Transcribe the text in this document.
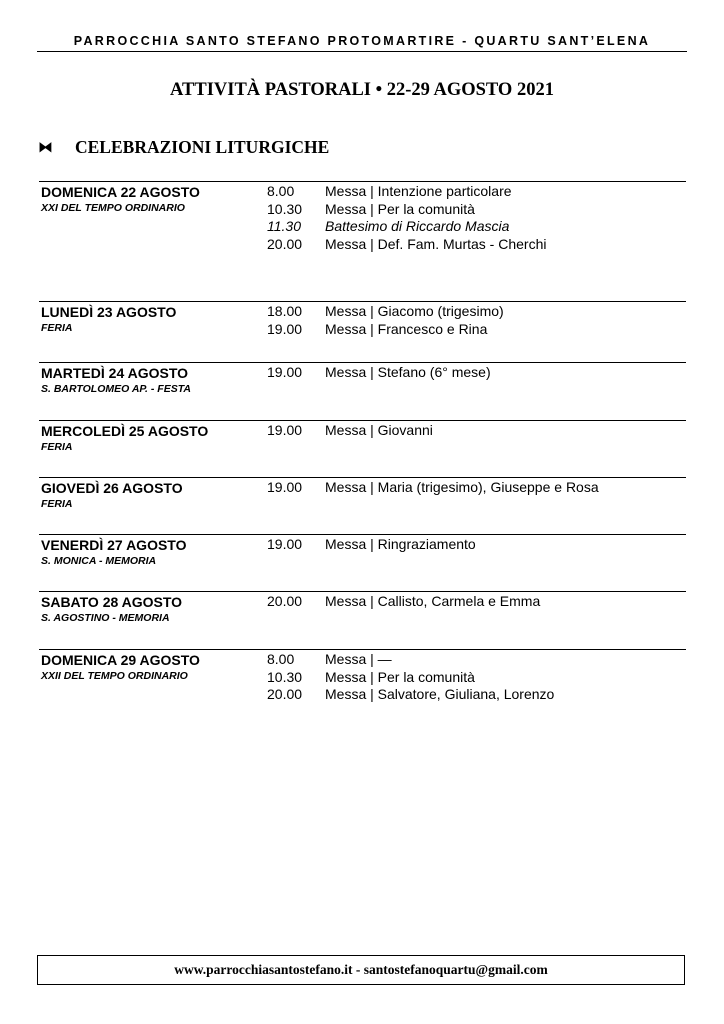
PARROCCHIA SANTO STEFANO PROTOMARTIRE - QUARTU SANT’ELENA
ATTIVITÀ PASTORALI • 22-29 AGOSTO 2021
⧓ CELEBRAZIONI LITURGICHE
DOMENICA 22 AGOSTO
XXI DEL TEMPO ORDINARIO
8.00	Messa | Intenzione particolare
10.30	Messa | Per la comunità
11.30	Battesimo di Riccardo Mascia
20.00	Messa | Def. Fam. Murtas - Cherchi
LUNEDÌ 23 AGOSTO
FERIA
18.00	Messa | Giacomo (trigesimo)
19.00	Messa | Francesco e Rina
MARTEDÌ 24 AGOSTO
S. BARTOLOMEO AP. - FESTA
19.00	Messa | Stefano (6° mese)
MERCOLEDÌ 25 AGOSTO
FERIA
19.00	Messa | Giovanni
GIOVEDÌ 26 AGOSTO
FERIA
19.00	Messa | Maria (trigesimo), Giuseppe e Rosa
VENERDÌ 27 AGOSTO
S. MONICA - MEMORIA
19.00	Messa | Ringraziamento
SABATO 28 AGOSTO
S. AGOSTINO - MEMORIA
20.00	Messa | Callisto, Carmela e Emma
DOMENICA 29 AGOSTO
XXII DEL TEMPO ORDINARIO
8.00	Messa | —
10.30	Messa | Per la comunità
20.00	Messa | Salvatore, Giuliana, Lorenzo
www.parrocchiasantostefano.it - santostefanoquartu@gmail.com
